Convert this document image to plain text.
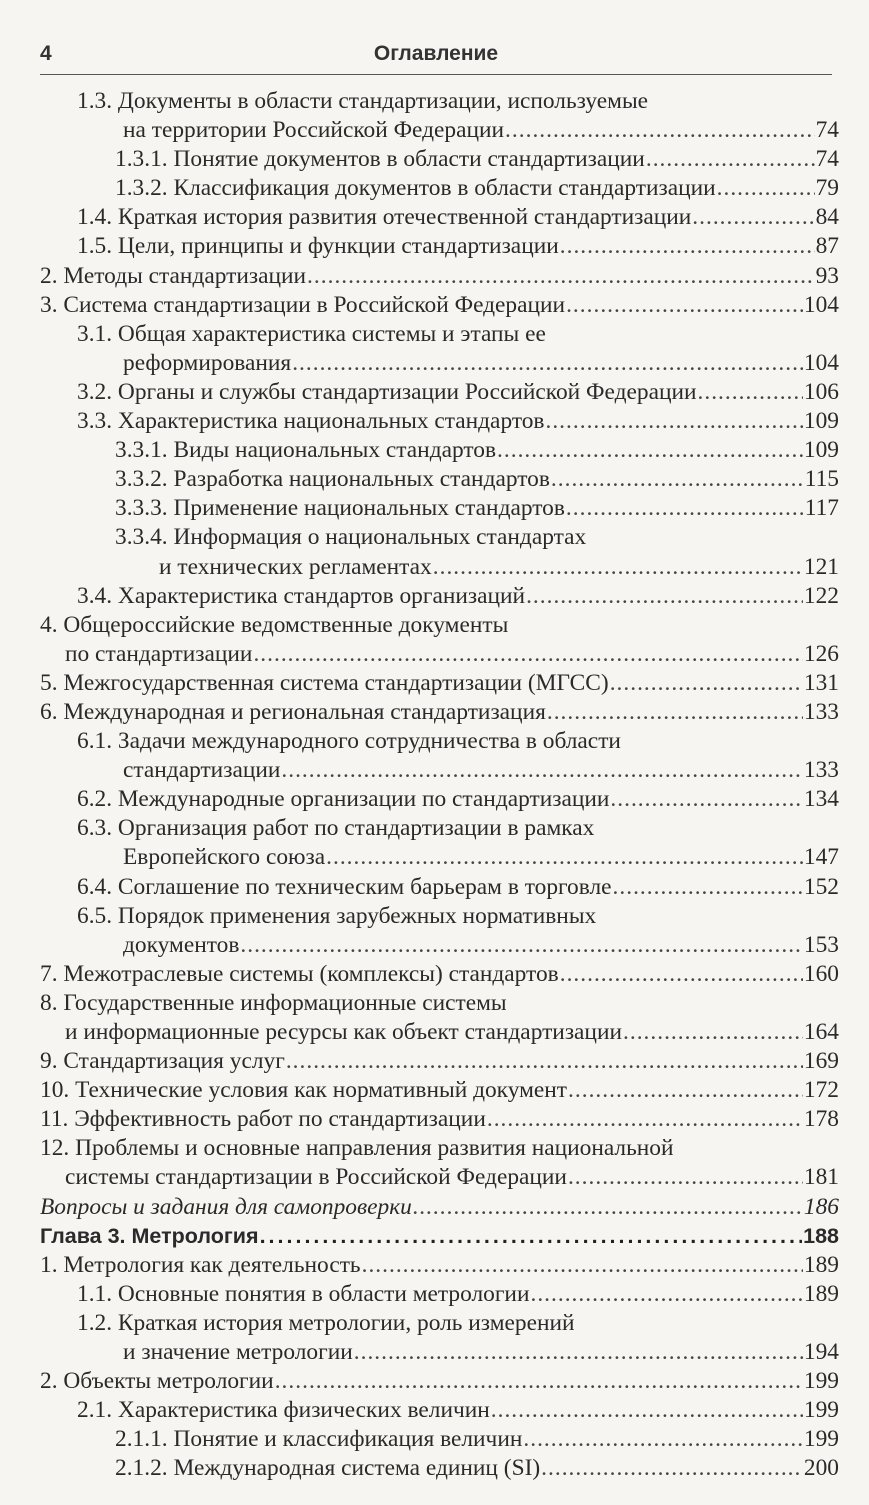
4	Оглавление
1.3. Документы в области стандартизации, используемые
на территории Российской Федерации .....	74
1.3.1. Понятие документов в области стандартизации .....	74
1.3.2. Классификация документов в области стандартизации .....	79
1.4. Краткая история развития отечественной стандартизации .....	84
1.5. Цели, принципы и функции стандартизации .....	87
2. Методы стандартизации .....	93
3. Система стандартизации в Российской Федерации .....	104
3.1. Общая характеристика системы и этапы ее
реформирования .....	104
3.2. Органы и службы стандартизации Российской Федерации .....	106
3.3. Характеристика национальных стандартов .....	109
3.3.1. Виды национальных стандартов .....	109
3.3.2. Разработка национальных стандартов .....	115
3.3.3. Применение национальных стандартов .....	117
3.3.4. Информация о национальных стандартах
и технических регламентах .....	121
3.4. Характеристика стандартов организаций .....	122
4. Общероссийские ведомственные документы
по стандартизации .....	126
5. Межгосударственная система стандартизации (МГСС) .....	131
6. Международная и региональная стандартизация .....	133
6.1. Задачи международного сотрудничества в области
стандартизации .....	133
6.2. Международные организации по стандартизации .....	134
6.3. Организация работ по стандартизации в рамках
Европейского союза .....	147
6.4. Соглашение по техническим барьерам в торговле .....	152
6.5. Порядок применения зарубежных нормативных
документов .....	153
7. Межотраслевые системы (комплексы) стандартов .....	160
8. Государственные информационные системы
и информационные ресурсы как объект стандартизации .....	164
9. Стандартизация услуг .....	169
10. Технические условия как нормативный документ .....	172
11. Эффективность работ по стандартизации .....	178
12. Проблемы и основные направления развития национальной
системы стандартизации в Российской Федерации .....	181
Вопросы и задания для самопроверки .....	186
Глава 3. Метрология .....	188
1. Метрология как деятельность .....	189
1.1. Основные понятия в области метрологии .....	189
1.2. Краткая история метрологии, роль измерений
и значение метрологии .....	194
2. Объекты метрологии .....	199
2.1. Характеристика физических величин .....	199
2.1.1. Понятие и классификация величин .....	199
2.1.2. Международная система единиц (SI) .....	200
